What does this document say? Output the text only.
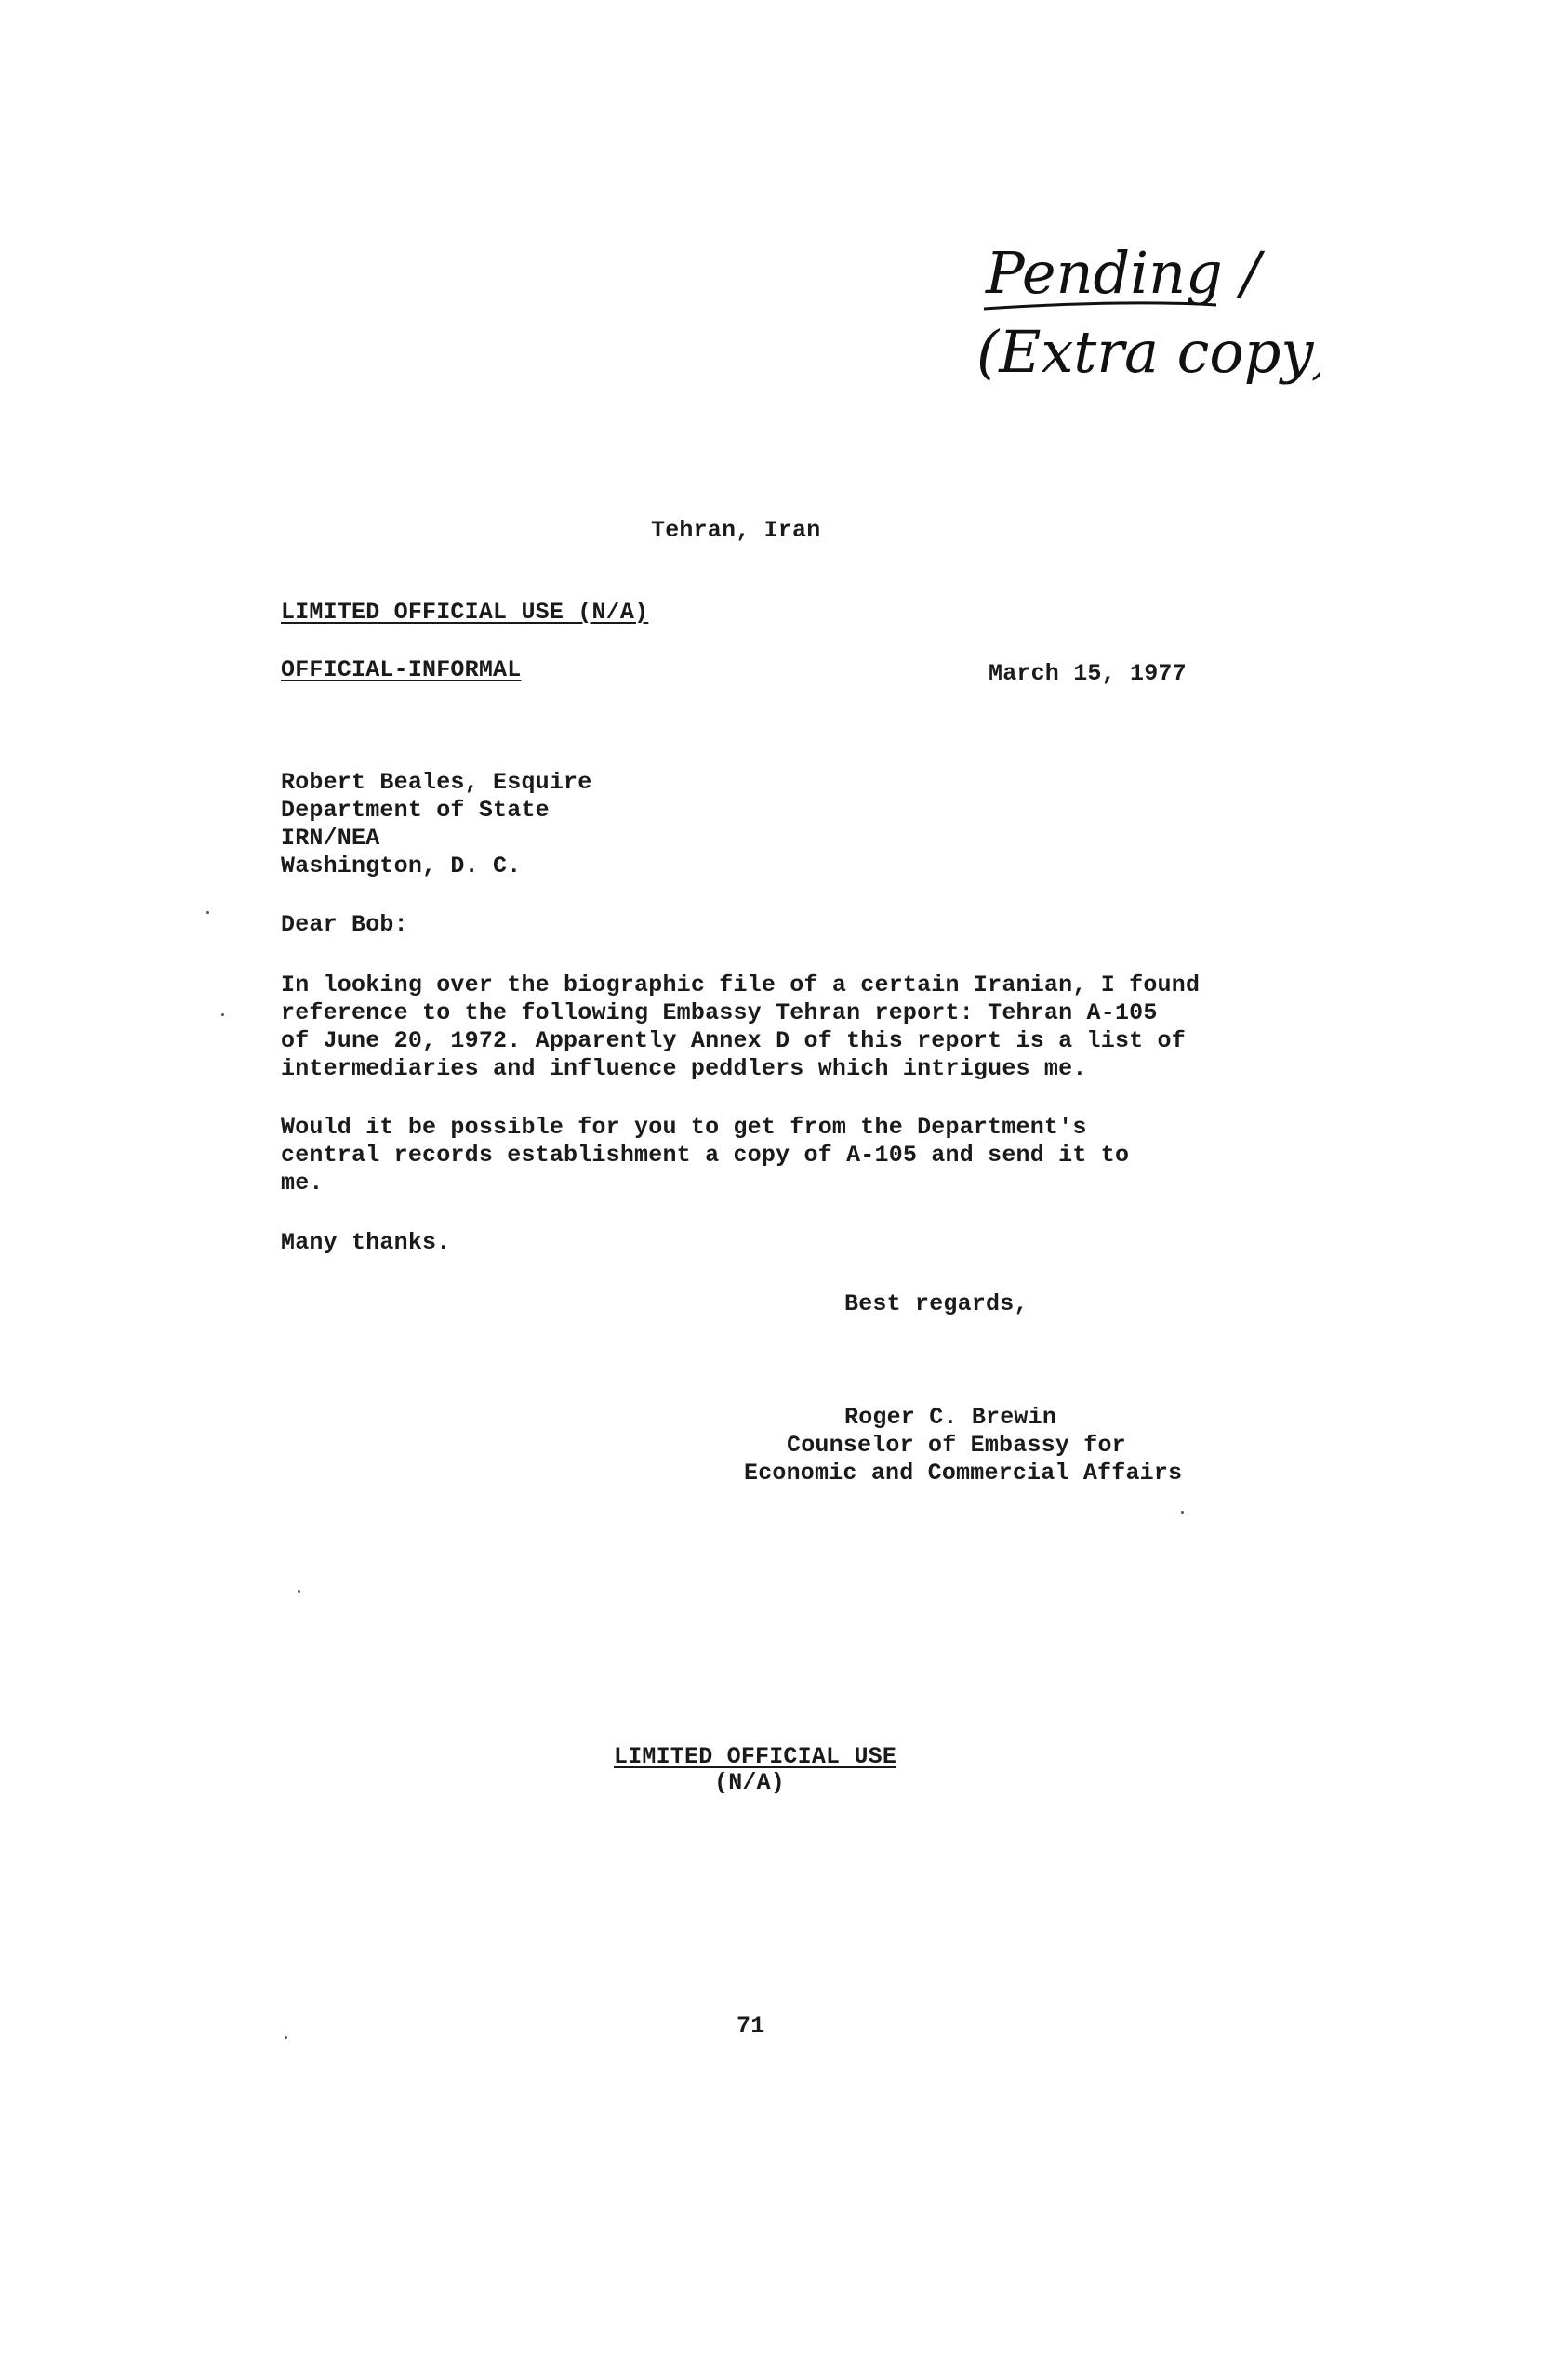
Pending /
(Extra copy)
Tehran, Iran
LIMITED OFFICIAL USE (N/A)
OFFICIAL-INFORMAL	March 15, 1977
Robert Beales, Esquire
Department of State
IRN/NEA
Washington, D. C.
Dear Bob:
In looking over the biographic file of a certain Iranian, I found
reference to the following Embassy Tehran report: Tehran A-105
of June 20, 1972. Apparently Annex D of this report is a list of
intermediaries and influence peddlers which intrigues me.
Would it be possible for you to get from the Department's
central records establishment a copy of A-105 and send it to
me.
Many thanks.
Best regards,
Roger C. Brewin
Counselor of Embassy for
Economic and Commercial Affairs
LIMITED OFFICIAL USE
(N/A)
71
